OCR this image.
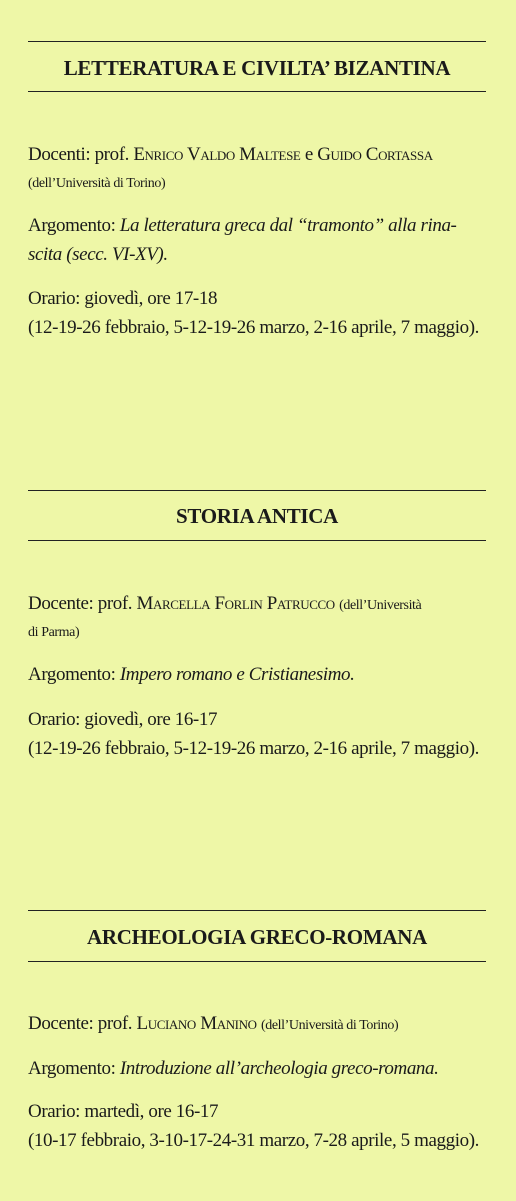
LETTERATURA E CIVILTA’ BIZANTINA
Docenti: prof. Enrico Valdo Maltese e Guido Cortassa
(dell’Università di Torino)
Argomento: La letteratura greca dal “tramonto” alla rina-
scita (secc. VI-XV).
Orario: giovedì, ore 17-18
(12-19-26 febbraio, 5-12-19-26 marzo, 2-16 aprile, 7 maggio).
STORIA ANTICA
Docente: prof. Marcella Forlin Patrucco (dell’Università
di Parma)
Argomento: Impero romano e Cristianesimo.
Orario: giovedì, ore 16-17
(12-19-26 febbraio, 5-12-19-26 marzo, 2-16 aprile, 7 maggio).
ARCHEOLOGIA GRECO-ROMANA
Docente: prof. Luciano Manino (dell’Università di Torino)
Argomento: Introduzione all’archeologia greco-romana.
Orario: martedì, ore 16-17
(10-17 febbraio, 3-10-17-24-31 marzo, 7-28 aprile, 5 maggio).
